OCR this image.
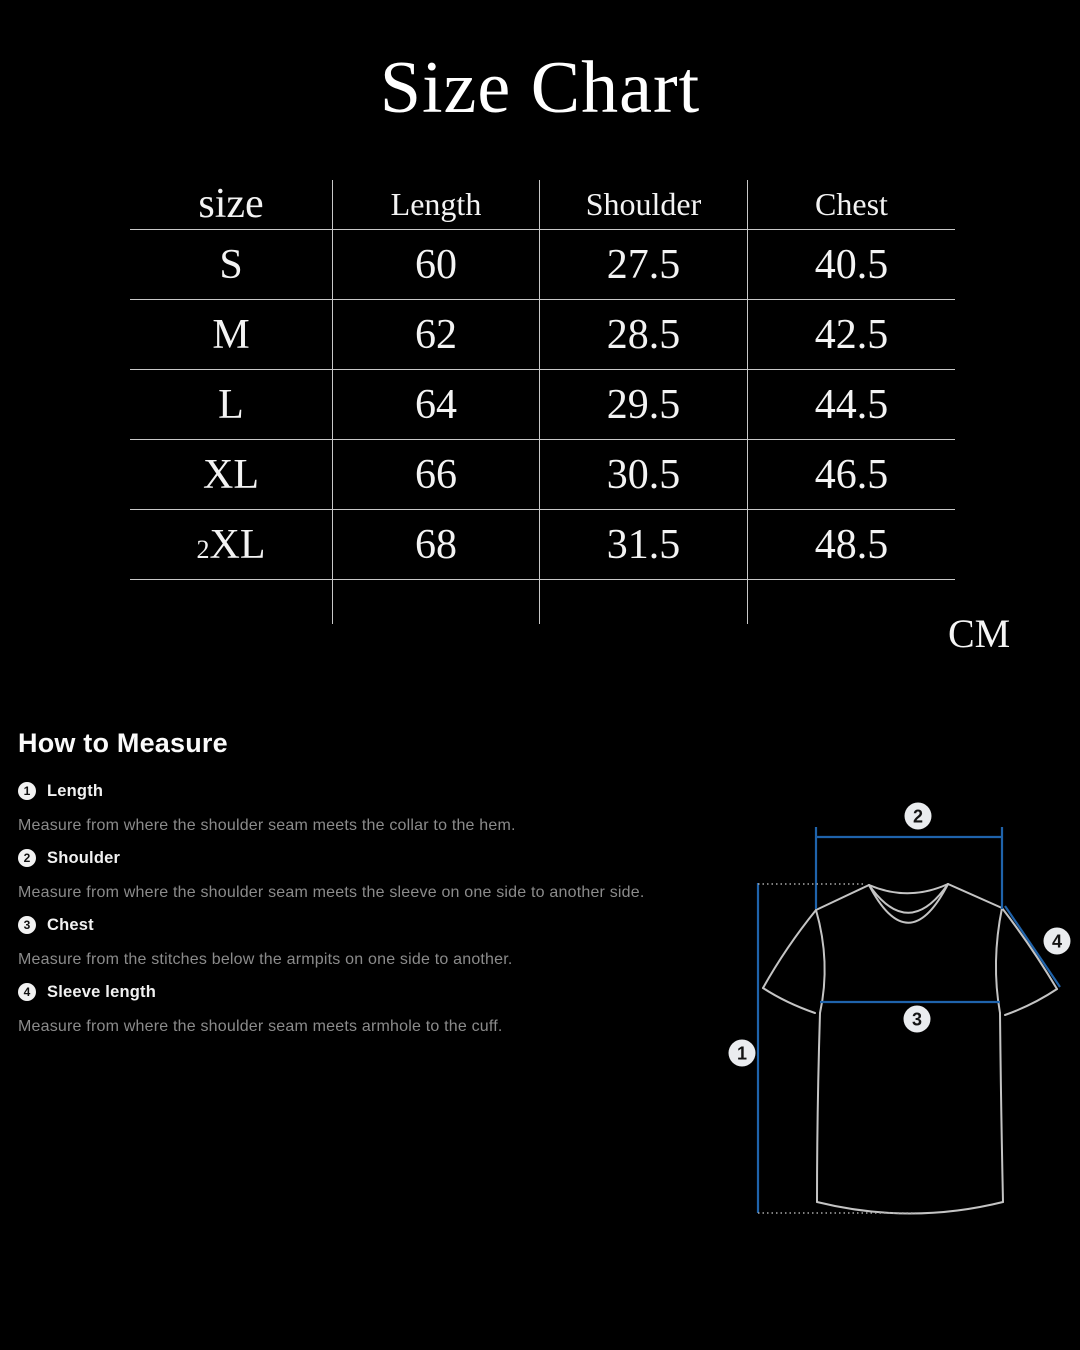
Size Chart
size	Length	Shoulder	Chest
S	60	27.5	40.5
M	62	28.5	42.5
L	64	29.5	44.5
XL	66	30.5	46.5
2XL	68	31.5	48.5
CM
How to Measure
1	Length

Measure from where the shoulder seam meets the collar to the hem.

2	Shoulder

Measure from where the shoulder seam meets the sleeve on one side to another side.

3	Chest

Measure from the stitches below the armpits on one side to another.

4	Sleeve length

Measure from where the shoulder seam meets armhole to the cuff.

1
2
3
4
